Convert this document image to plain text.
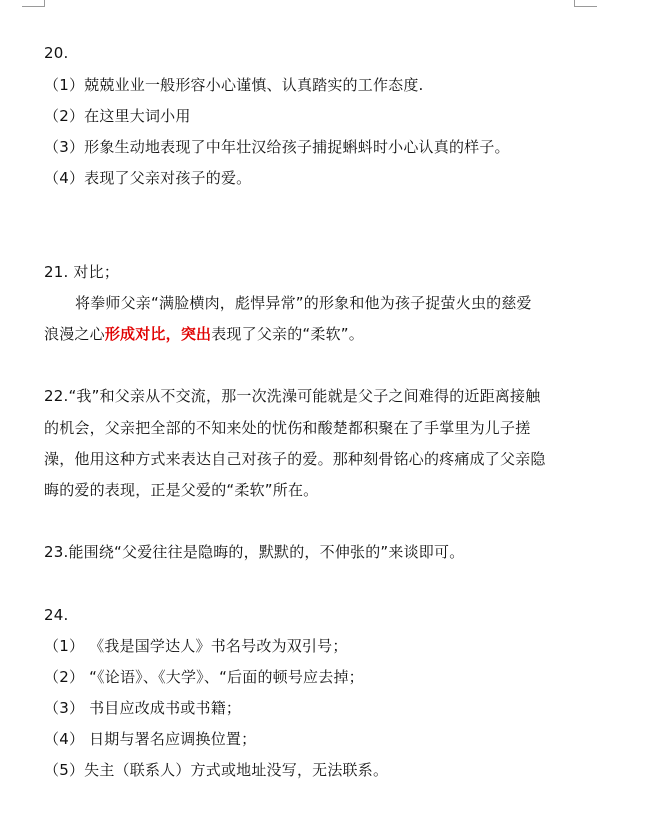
20.
（1）兢兢业业一般形容小心谨慎、认真踏实的工作态度.
（2）在这里大词小用
（3）形象生动地表现了中年壮汉给孩子捕捉蝌蚪时小心认真的样子。
（4）表现了父亲对孩子的爱。
21. 对比；
将拳师父亲“满脸横肉，彪悍异常”的形象和他为孩子捉萤火虫的慈爱
浪漫之心形成对比，突出表现了父亲的“柔软”。
22.“我”和父亲从不交流，那一次洗澡可能就是父子之间难得的近距离接触
的机会，父亲把全部的不知来处的忧伤和酸楚都积聚在了手掌里为儿子搓
澡，他用这种方式来表达自己对孩子的爱。那种刻骨铭心的疼痛成了父亲隐
晦的爱的表现，正是父爱的“柔软”所在。
23.能围绕“父爱往往是隐晦的，默默的，不伸张的”来谈即可。
24.
（1） 《我是国学达人》书名号改为双引号；
（2） “《论语》、《大学》、“后面的顿号应去掉；
（3） 书目应改成书或书籍；
（4） 日期与署名应调换位置；
（5）失主（联系人）方式或地址没写，无法联系。
